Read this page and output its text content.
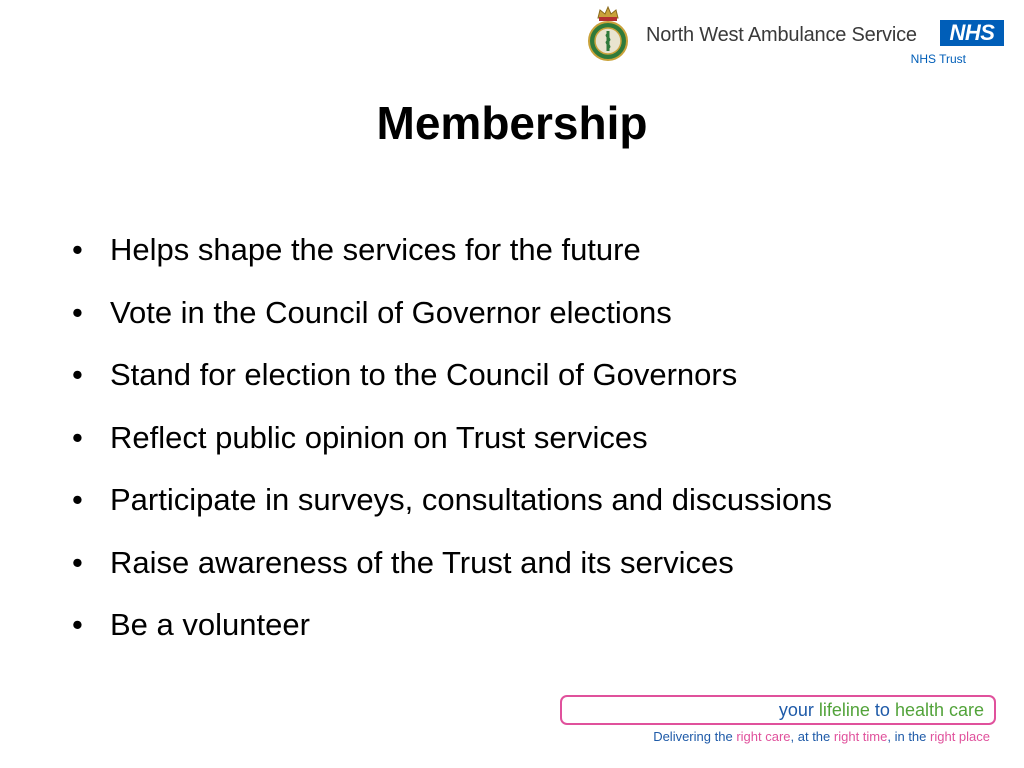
North West Ambulance Service	NHS
NHS Trust
Membership
• Helps shape the services for the future
• Vote in the Council of Governor elections
• Stand for election to the Council of Governors
• Reflect public opinion on Trust services
• Participate in surveys, consultations and discussions
• Raise awareness of the Trust and its services
• Be a volunteer
your lifeline to health care
Delivering the right care, at the right time, in the right place
